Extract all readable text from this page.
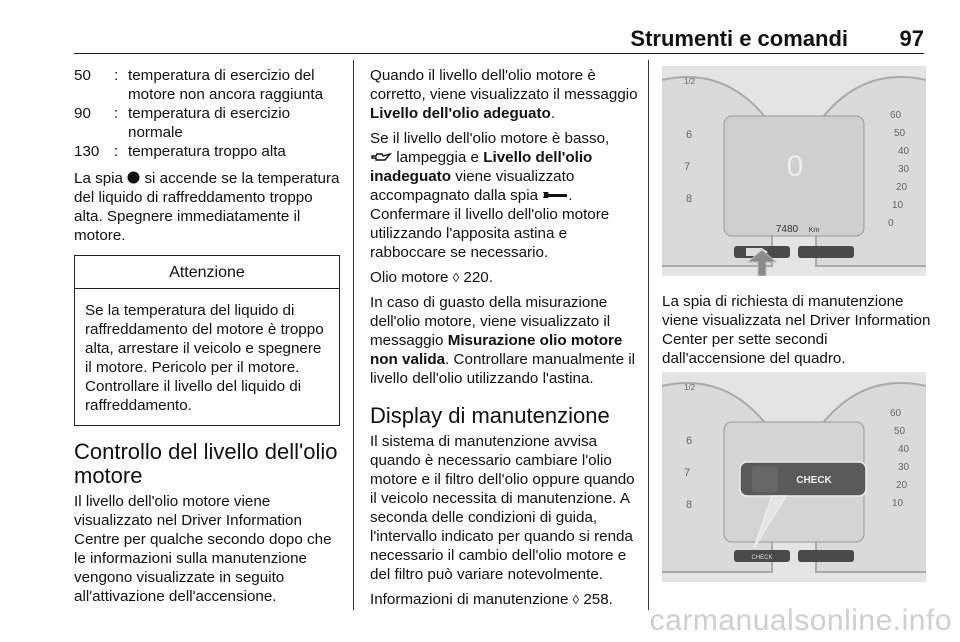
Strumenti e comandi 97
50	:	temperatura di esercizio del motore non ancora raggiunta
90	:	temperatura di esercizio normale
130	:	temperatura troppo alta

La spia si accende se la temperatura del liquido di raffreddamento troppo alta. Spegnere immediatamente il motore.

Attenzione
Se la temperatura del liquido di raffreddamento del motore è troppo alta, arrestare il veicolo e spegnere il motore. Pericolo per il motore. Controllare il livello del liquido di raffreddamento.
Controllo del livello dell'olio motore

Il livello dell'olio motore viene visualizzato nel Driver Information Centre per qualche secondo dopo che le informazioni sulla manutenzione vengono visualizzate in seguito all'attivazione dell'accensione.

Quando il livello dell'olio motore è corretto, viene visualizzato il messaggio Livello dell'olio adeguato.

Se il livello dell'olio motore è basso,
lampeggia e Livello dell'olio inadeguato viene visualizzato accompagnato dalla spia . Confermare il livello dell'olio motore utilizzando l'apposita astina e rabboccare se necessario.

Olio motore ◊ 220.

In caso di guasto della misurazione dell'olio motore, viene visualizzato il messaggio Misurazione olio motore non valida. Controllare manualmente il livello dell'olio utilizzando l'astina.

Display di manutenzione

Il sistema di manutenzione avvisa quando è necessario cambiare l'olio motore e il filtro dell'olio oppure quando il veicolo necessita di manutenzione. A seconda delle condizioni di guida, l'intervallo indicato per quando si renda necessario il cambio dell'olio motore e del filtro può variare notevolmente.

Informazioni di manutenzione ◊ 258.

0
7480 Km
1/2
6
7
8
60
50
40
30
20
10
0
La spia di richiesta di manutenzione viene visualizzata nel Driver Information Center per sette secondi dall'accensione del quadro.
1/2
6
7
8
60
50
40
30
20
10
CHECK
CHECK
carmanualsonline.info
